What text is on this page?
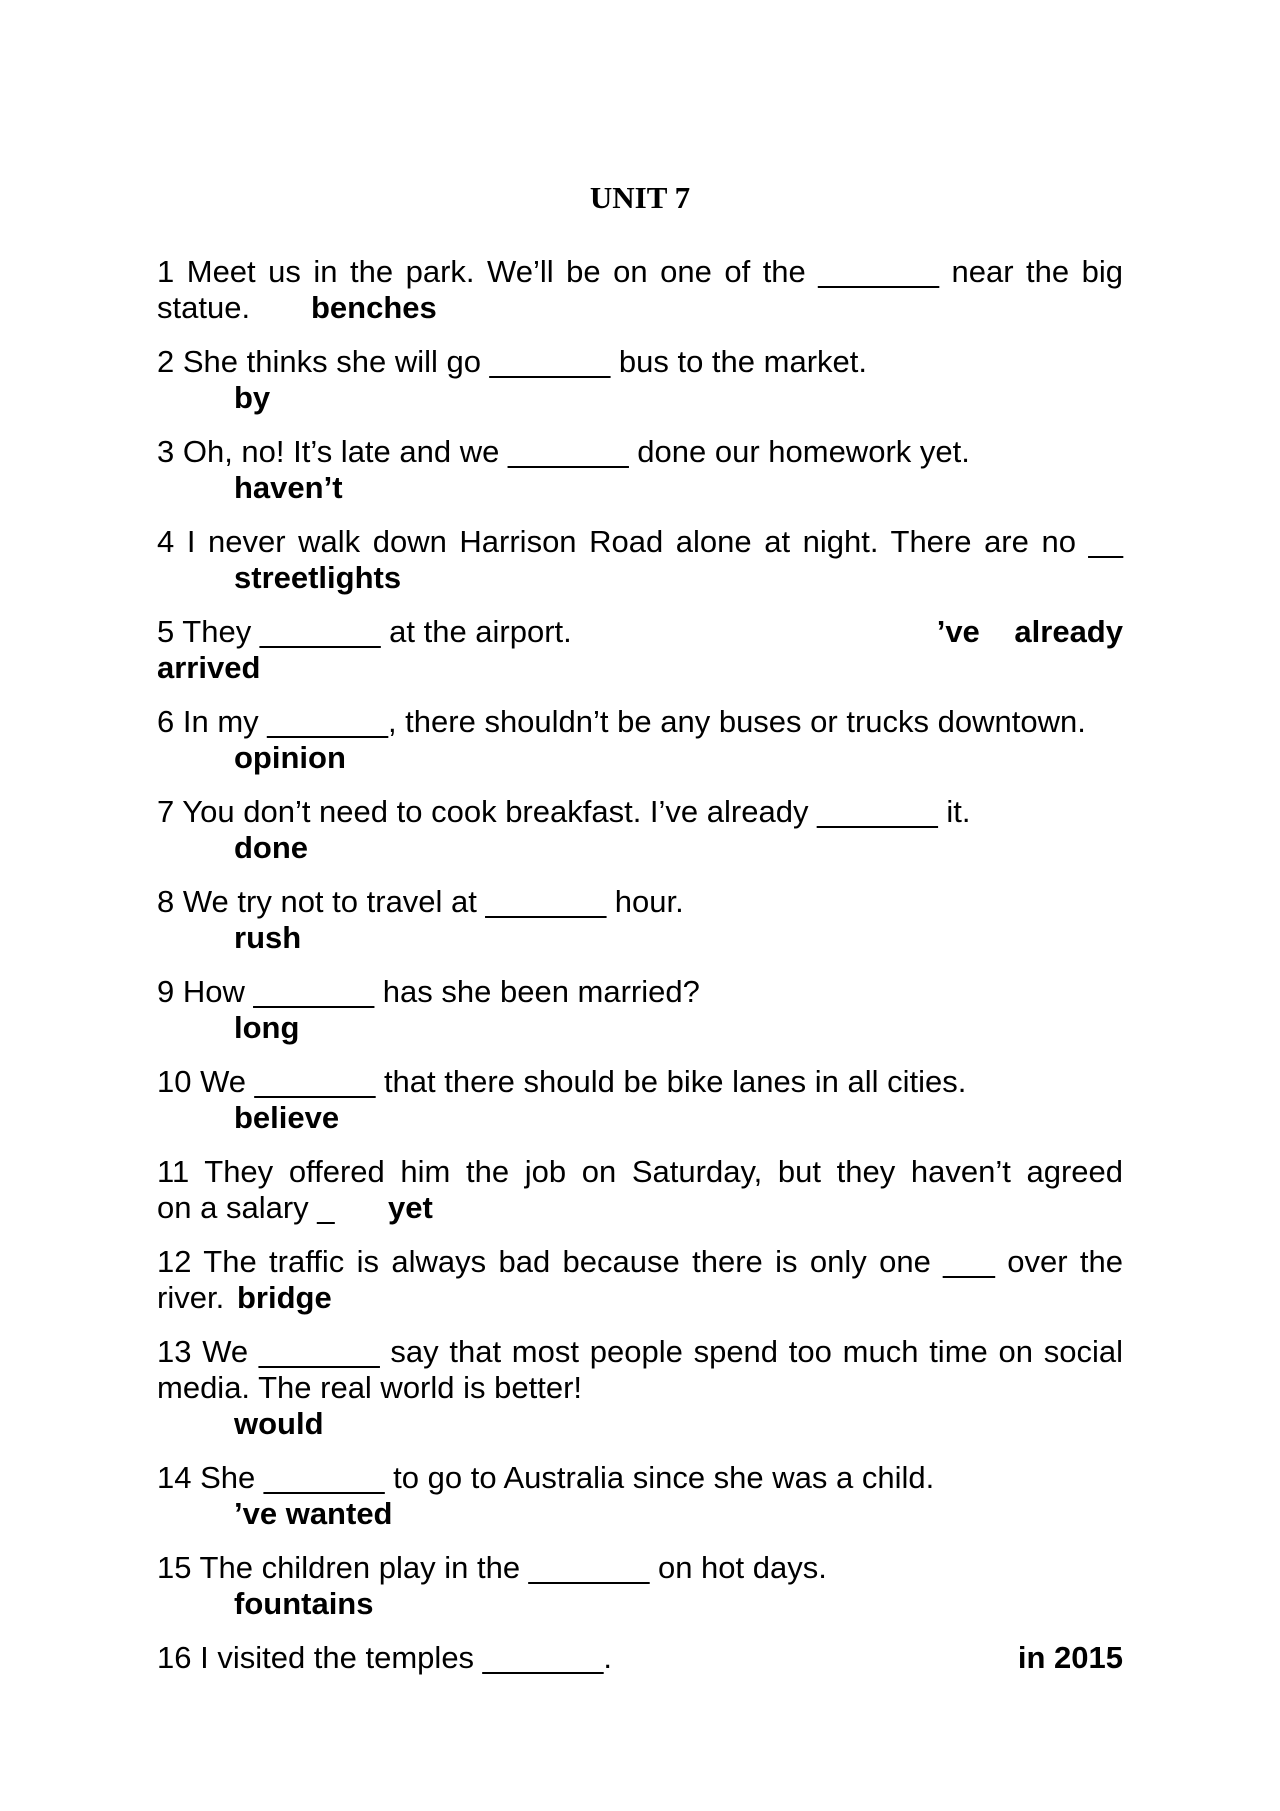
UNIT 7
1 Meet us in the park. We’ll be on one of the _______ near the big
statue. benches
2 She thinks she will go _______ bus to the market.
by
3 Oh, no! It’s late and we _______ done our homework yet.
haven’t
4 I never walk down Harrison Road alone at night. There are no __
streetlights
5 They _______ at the airport.	’ve already
arrived
6 In my _______, there shouldn’t be any buses or trucks downtown.
opinion
7 You don’t need to cook breakfast. I’ve already _______ it.
done
8 We try not to travel at _______ hour.
rush
9 How _______ has she been married?
long
10 We _______ that there should be bike lanes in all cities.
believe
11 They offered him the job on Saturday, but they haven’t agreed
on a salary _ yet
12 The traffic is always bad because there is only one ___ over the
river. bridge
13 We _______ say that most people spend too much time on social
media. The real world is better!
would
14 She _______ to go to Australia since she was a child.
’ve wanted
15 The children play in the _______ on hot days.
fountains
16 I visited the temples _______.	in 2015
